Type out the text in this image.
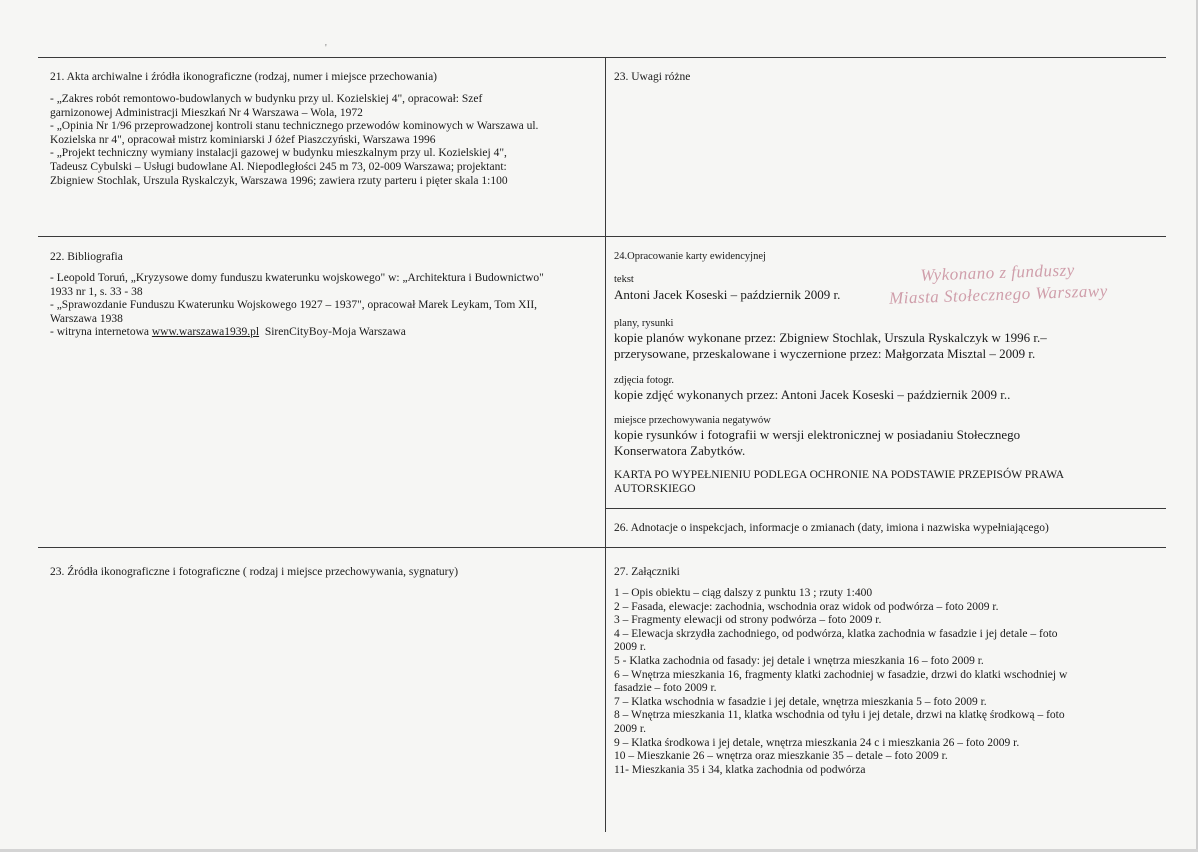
'
21. Akta archiwalne i źródła ikonograficzne (rodzaj, numer i miejsce przechowania)
- „Zakres robót remontowo-budowlanych w budynku przy ul. Kozielskiej 4", opracował: Szef
garnizonowej Administracji Mieszkań Nr 4 Warszawa – Wola, 1972
- „Opinia Nr 1/96 przeprowadzonej kontroli stanu technicznego przewodów kominowych w Warszawa ul.
Kozielska nr 4", opracował mistrz kominiarski J óżef Piaszczyński, Warszawa 1996
- „Projekt techniczny wymiany instalacji gazowej w budynku mieszkalnym przy ul. Kozielskiej 4",
Tadeusz Cybulski – Usługi budowlane Al. Niepodległości 245 m 73, 02-009 Warszawa; projektant:
Zbigniew Stochlak, Urszula Ryskalczyk, Warszawa 1996; zawiera rzuty parteru i pięter skala 1:100
23. Uwagi różne
22. Bibliografia
- Leopold Toruń, „Kryzysowe domy funduszu kwaterunku wojskowego" w: „Architektura i Budownictwo"
1933 nr 1, s. 33 - 38
- „Sprawozdanie Funduszu Kwaterunku Wojskowego 1927 – 1937", opracował Marek Leykam, Tom XII,
Warszawa 1938
- witryna internetowa www.warszawa1939.pl  SirenCityBoy-Moja Warszawa
24.Opracowanie karty ewidencyjnej
tekst
Antoni Jacek Koseski – październik 2009 r.
plany, rysunki
kopie planów wykonane przez: Zbigniew Stochlak, Urszula Ryskalczyk w 1996 r.–
przerysowane, przeskalowane i wyczernione przez: Małgorzata Misztal – 2009 r.
zdjęcia fotogr.
kopie zdjęć wykonanych przez: Antoni Jacek Koseski – październik 2009 r..
miejsce przechowywania negatywów
kopie rysunków i fotografii w wersji elektronicznej w posiadaniu Stołecznego
Konserwatora Zabytków.
KARTA PO WYPEŁNIENIU PODLEGA OCHRONIE NA PODSTAWIE PRZEPISÓW PRAWA
AUTORSKIEGO
Wykonano z funduszy
Miasta Stołecznego Warszawy
26. Adnotacje o inspekcjach, informacje o zmianach (daty, imiona i nazwiska wypełniającego)
23. Źródła ikonograficzne i fotograficzne ( rodzaj i miejsce przechowywania, sygnatury)	27. Załączniki

1 – Opis obiektu – ciąg dalszy z punktu 13 ; rzuty 1:400

2 – Fasada, elewacje: zachodnia, wschodnia oraz widok od podwórza – foto 2009 r.

3 – Fragmenty elewacji od strony podwórza – foto 2009 r.

4 – Elewacja skrzydła zachodniego, od podwórza, klatka zachodnia w fasadzie i jej detale – foto
2009 r.

5 - Klatka zachodnia od fasady: jej detale i wnętrza mieszkania 16 – foto 2009 r.

6 – Wnętrza mieszkania 16, fragmenty klatki zachodniej w fasadzie, drzwi do klatki wschodniej w
fasadzie – foto 2009 r.

7 – Klatka wschodnia w fasadzie i jej detale, wnętrza mieszkania 5 – foto 2009 r.

8 – Wnętrza mieszkania 11, klatka wschodnia od tyłu i jej detale, drzwi na klatkę środkową – foto
2009 r.

9 – Klatka środkowa i jej detale, wnętrza mieszkania 24 c i mieszkania 26 – foto 2009 r.

10 – Mieszkanie 26 – wnętrza oraz mieszkanie 35 – detale – foto 2009 r.

11- Mieszkania 35 i 34, klatka zachodnia od podwórza
